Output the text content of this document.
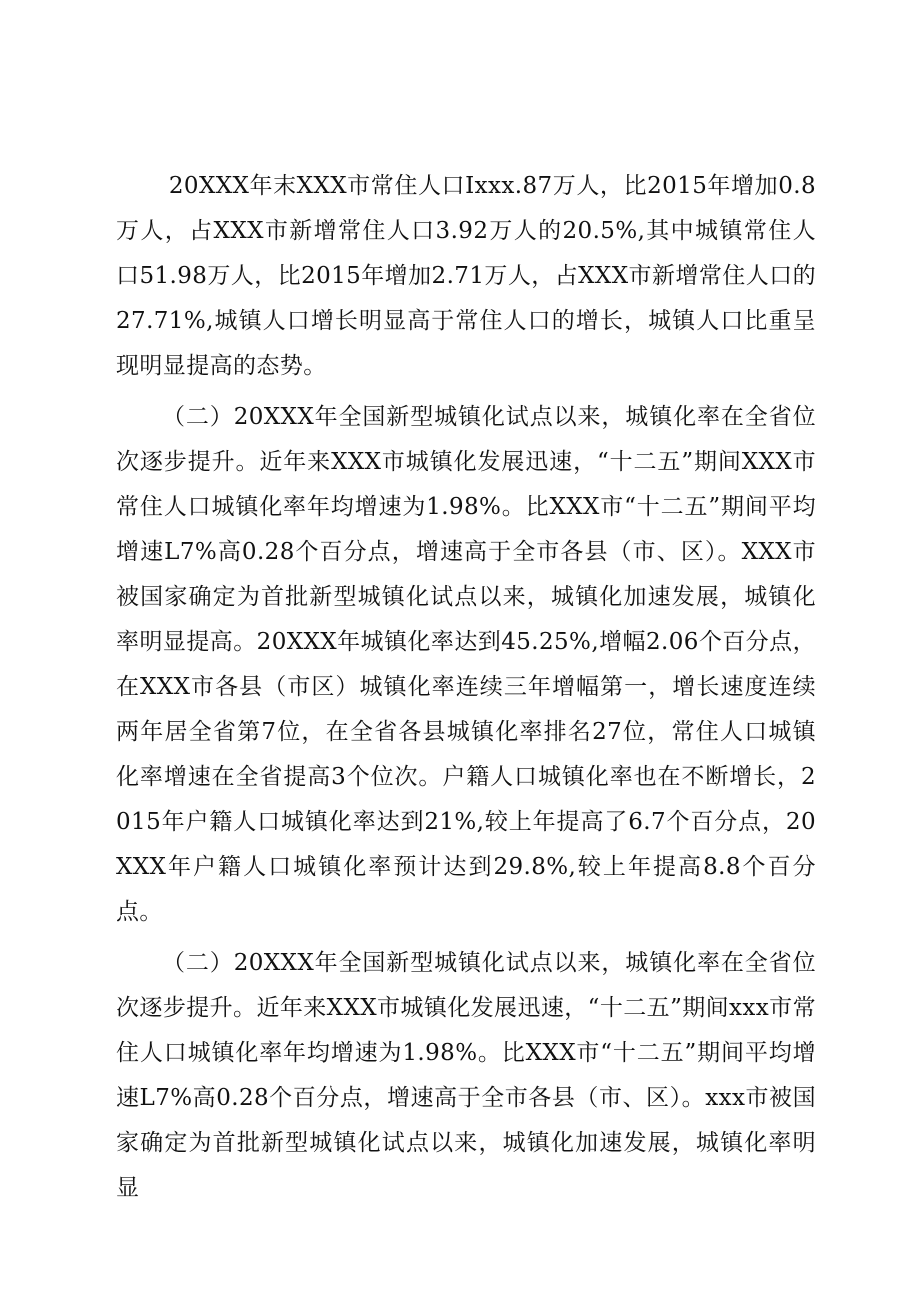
20XXX年末XXX市常住人口Ixxx.87万人，比2015年增加0.8万人，占XXX市新增常住人口3.92万人的20.5%,其中城镇常住人口51.98万人，比2015年增加2.71万人，占XXX市新增常住人口的27.71%,城镇人口增长明显高于常住人口的增长，城镇人口比重呈现明显提高的态势。

（二）20XXX年全国新型城镇化试点以来，城镇化率在全省位次逐步提升。近年来XXX市城镇化发展迅速，“十二五”期间XXX市常住人口城镇化率年均增速为1.98%。比XXX市“十二五”期间平均增速L7%高0.28个百分点，增速高于全市各县（市、区）。XXX市被国家确定为首批新型城镇化试点以来，城镇化加速发展，城镇化率明显提高。20XXX年城镇化率达到45.25%,增幅2.06个百分点，在XXX市各县（市区）城镇化率连续三年增幅第一，增长速度连续两年居全省第7位，在全省各县城镇化率排名27位，常住人口城镇化率增速在全省提高3个位次。户籍人口城镇化率也在不断增长，2015年户籍人口城镇化率达到21%,较上年提高了6.7个百分点，20XXX年户籍人口城镇化率预计达到29.8%,较上年提高8.8个百分点。

（二）20XXX年全国新型城镇化试点以来，城镇化率在全省位次逐步提升。近年来XXX市城镇化发展迅速，“十二五”期间xxx市常住人口城镇化率年均增速为1.98%。比XXX市“十二五”期间平均增速L7%高0.28个百分点，增速高于全市各县（市、区）。xxx市被国家确定为首批新型城镇化试点以来，城镇化加速发展，城镇化率明显
